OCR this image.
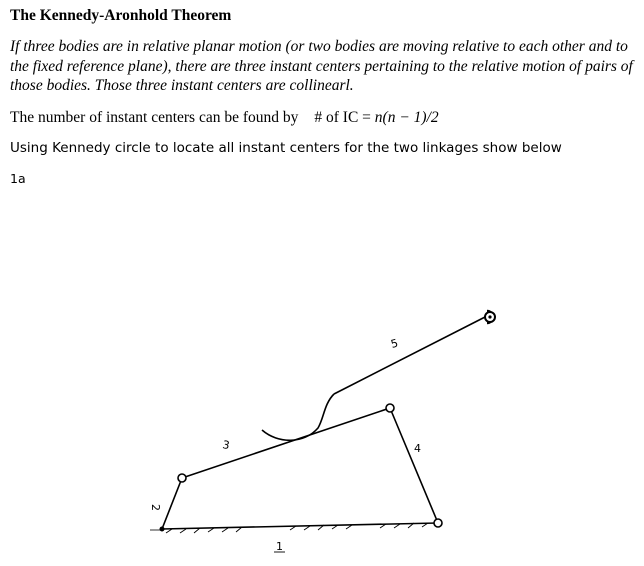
The Kennedy-Aronhold Theorem
If three bodies are in relative planar motion (or two bodies are moving relative to each other and to the fixed reference plane), there are three instant centers pertaining to the relative motion of pairs of those bodies. Those three instant centers are collinearl.
The number of instant centers can be found by # of IC = n(n − 1)/2
Using Kennedy circle to locate all instant centers for the two linkages show below
1a
1
2
3	4
5
